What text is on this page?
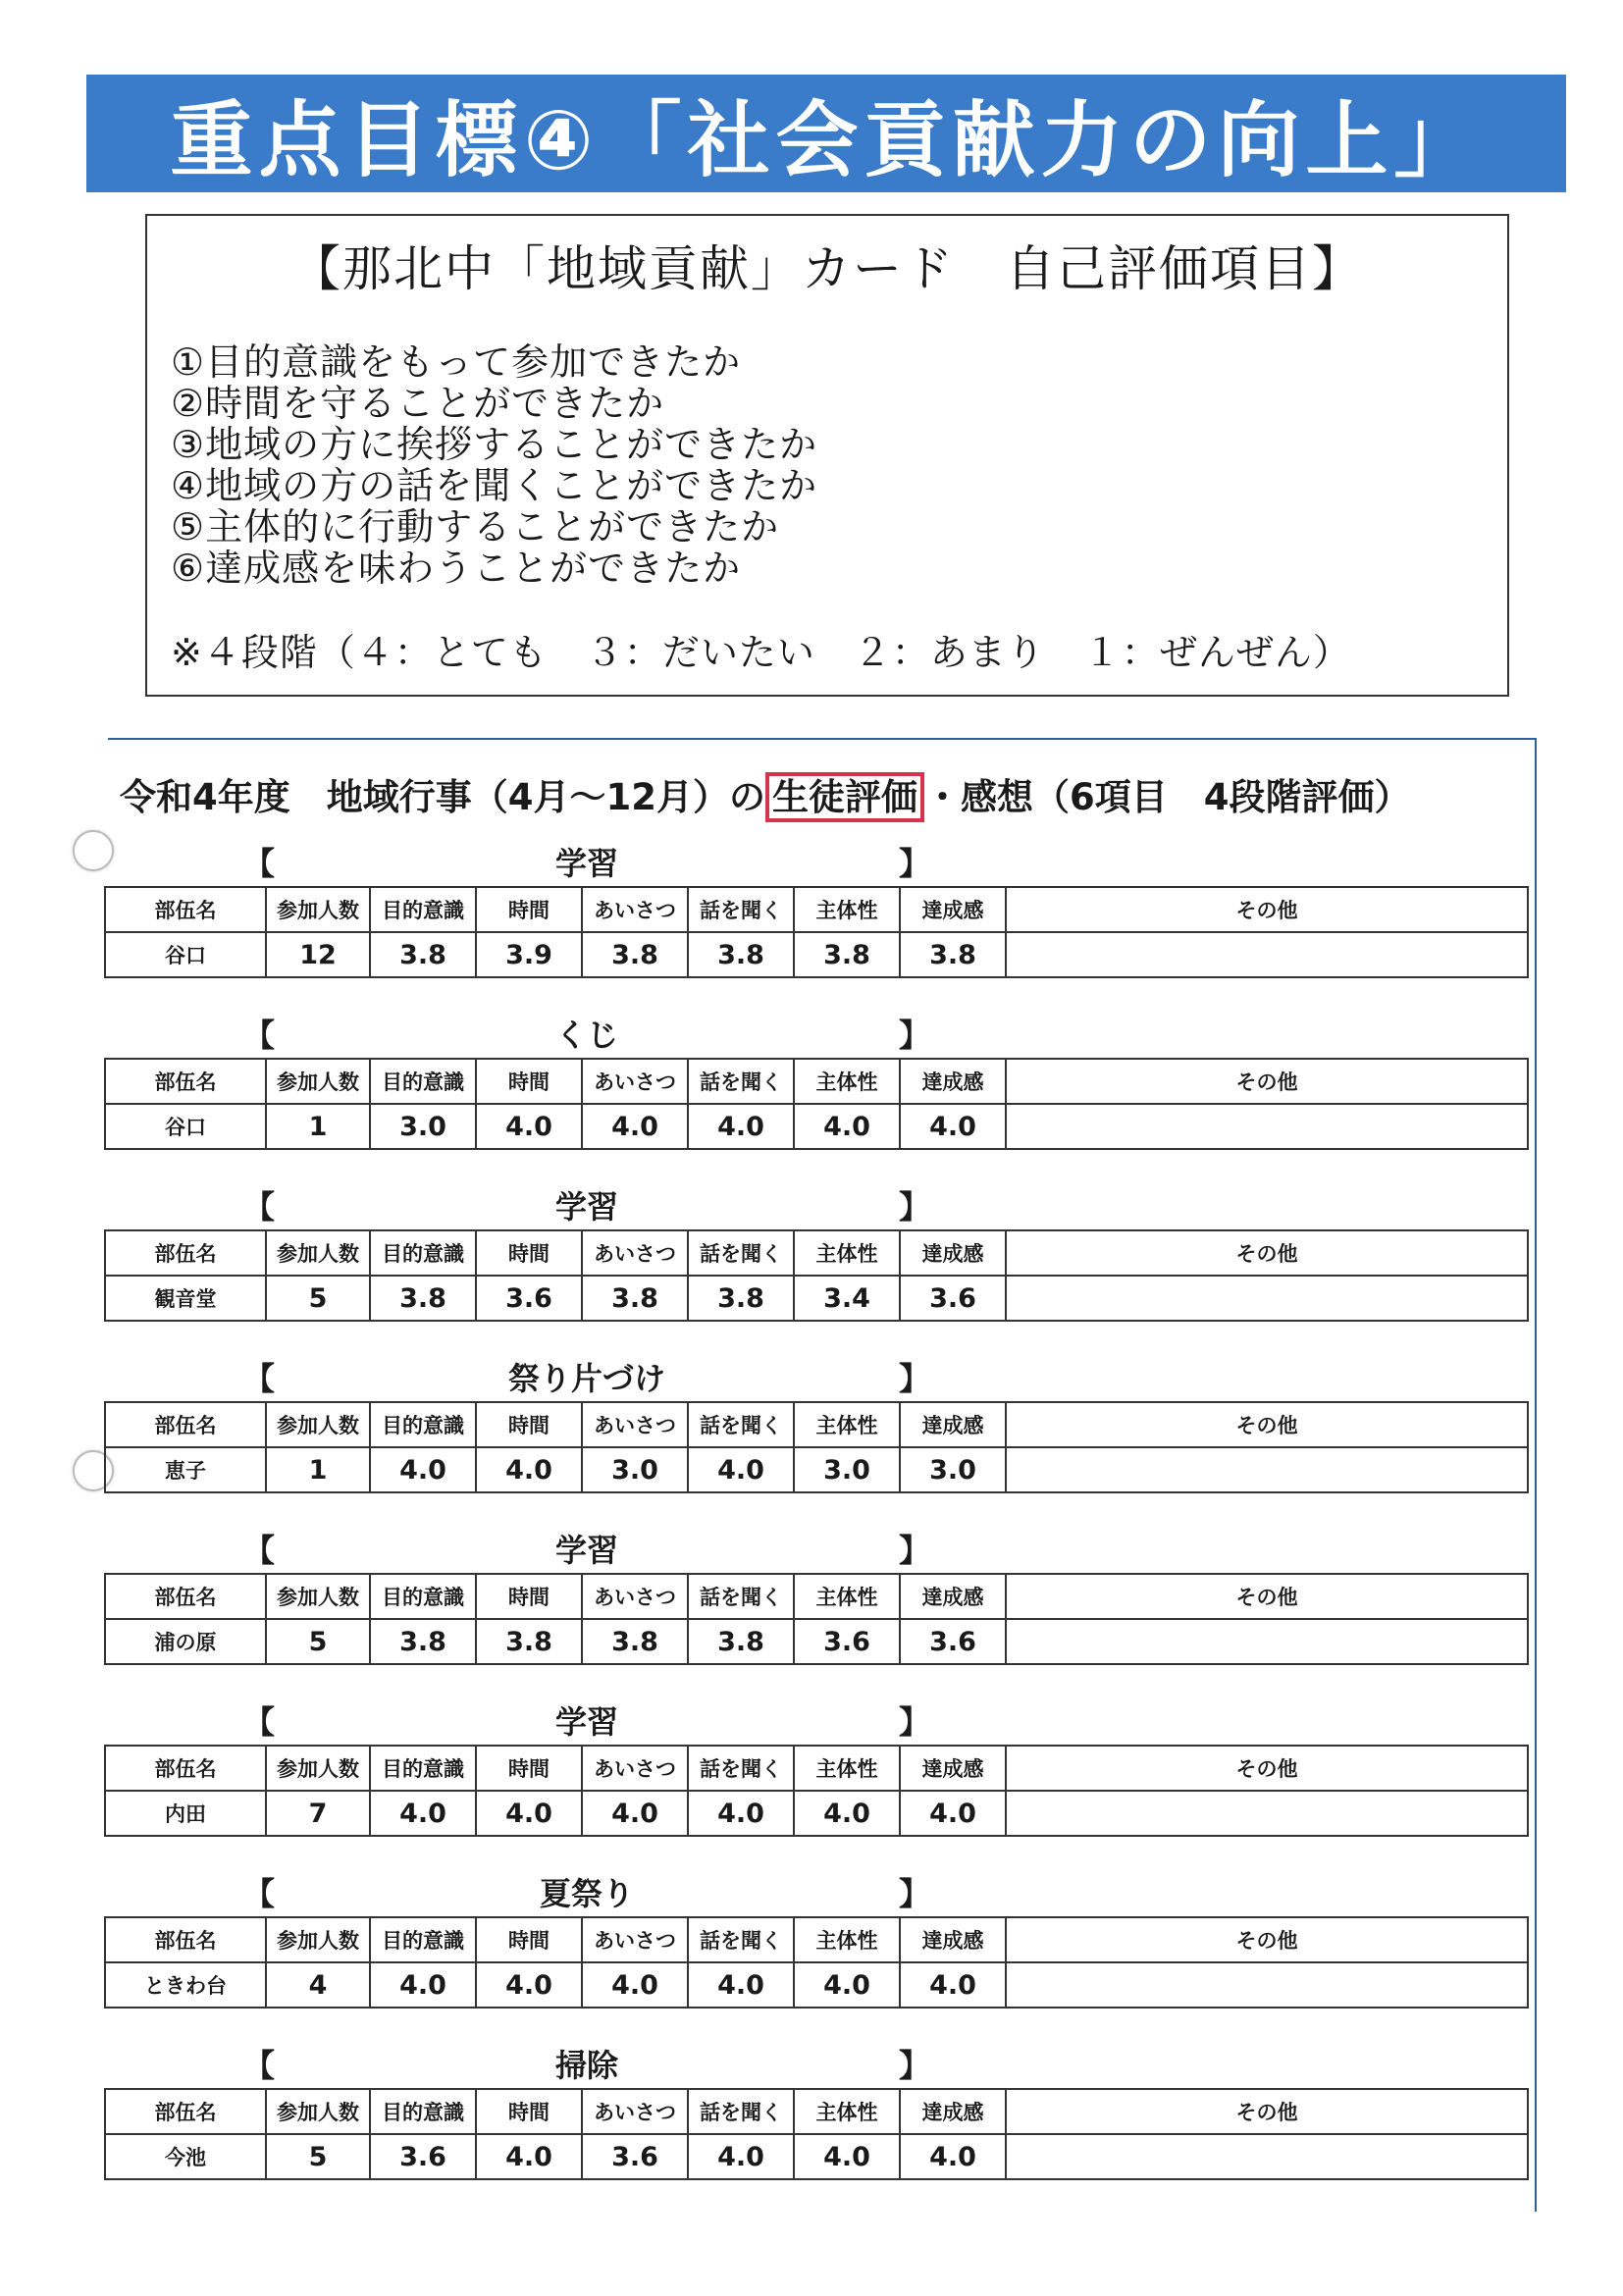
重点目標④「社会貢献力の向上」
【那北中「地域貢献」カード　自己評価項目】
①目的意識をもって参加できたか
②時間を守ることができたか
③地域の方に挨拶することができたか
④地域の方の話を聞くことができたか
⑤主体的に行動することができたか
⑥達成感を味わうことができたか
※４段階（４：とても　３：だいたい　２：あまり　１：ぜんぜん）
令和4年度　地域行事（4月～12月）の 生徒評価 ・感想（6項目　4段階評価）
【	学習	】
部伍名	参加人数	目的意識	時間	あいさつ	話を聞く	主体性	達成感	その他
谷口	12	3.8	3.9	3.8	3.8	3.8	3.8	
【	くじ	】
部伍名	参加人数	目的意識	時間	あいさつ	話を聞く	主体性	達成感	その他
谷口	1	3.0	4.0	4.0	4.0	4.0	4.0	
【	学習	】
部伍名	参加人数	目的意識	時間	あいさつ	話を聞く	主体性	達成感	その他
観音堂	5	3.8	3.6	3.8	3.8	3.4	3.6	
【	祭り片づけ	】
部伍名	参加人数	目的意識	時間	あいさつ	話を聞く	主体性	達成感	その他
恵子	1	4.0	4.0	3.0	4.0	3.0	3.0	
【	学習	】
部伍名	参加人数	目的意識	時間	あいさつ	話を聞く	主体性	達成感	その他
浦の原	5	3.8	3.8	3.8	3.8	3.6	3.6	
【	学習	】
部伍名	参加人数	目的意識	時間	あいさつ	話を聞く	主体性	達成感	その他
内田	7	4.0	4.0	4.0	4.0	4.0	4.0	
【	夏祭り	】
部伍名	参加人数	目的意識	時間	あいさつ	話を聞く	主体性	達成感	その他
ときわ台	4	4.0	4.0	4.0	4.0	4.0	4.0	
【	掃除	】
部伍名	参加人数	目的意識	時間	あいさつ	話を聞く	主体性	達成感	その他
今池	5	3.6	4.0	3.6	4.0	4.0	4.0	
